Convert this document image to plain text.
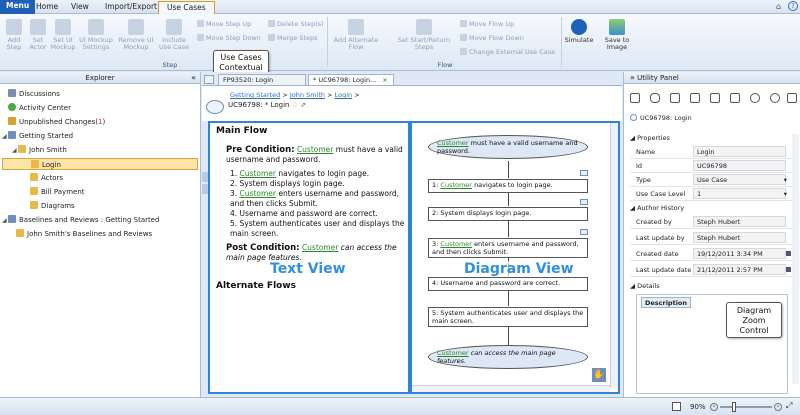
Menu Home	View	Import/Export	Use Cases	⌂	?
Add Step
Set Actor
Set UI Mockup
UI Mockup Settings
Remove UI Mockup
Include Use Case
Move Step Up
Move Step Down
Delete Step(s)
Merge Steps
Step
Add Alternate Flow
Set Start/Return Steps
Move Flow Up
Move Flow Down
Change External Use Case
Flow
Simulate	Save to Image
Use Cases Contextual
Explorer	«
Discussions
Activity Center
Unpublished Changes(1)
◢ Getting Started
◢ John Smith
Login
Actors
Bill Payment
Diagrams
◢ Baselines and Reviews : Getting Started
John Smith's Baselines and Reviews
FP93520: Login	* UC96798: Login... ×
Getting Started > John Smith > Login >
UC96798: * Login ☆ ⇗
Main Flow
Pre Condition: Customer must have a valid username and password.
1. Customer navigates to login page.
2. System displays login page.
3. Customer enters username and password, and then clicks Submit.
4. Username and password are correct.
5. System authenticates user and displays the main screen.
Post Condition: Customer can access the main page features.
Text View
Alternate Flows
Customer must have a valid username and password.
1: Customer navigates to login page.
2: System displays login page.
3: Customer enters username and password, and then clicks Submit.
4: Username and password are correct.
5: System authenticates user and displays the main screen.
Customer can access the main page features.
Diagram View
✋
» Utility Panel
UC96798: Login
◢ Properties
Name	Login
Id	UC96798
Type	Use Case	▾
Use Case Level	1	▾
◢ Author History
Created by	Steph Hubert
Last update by	Steph Hubert
Created date	19/12/2011 3:34 PM
Last update date 21/12/2011 2:57 PM
◢ Details
Description
Diagram Zoom Control
90%	‹	› ⤢
